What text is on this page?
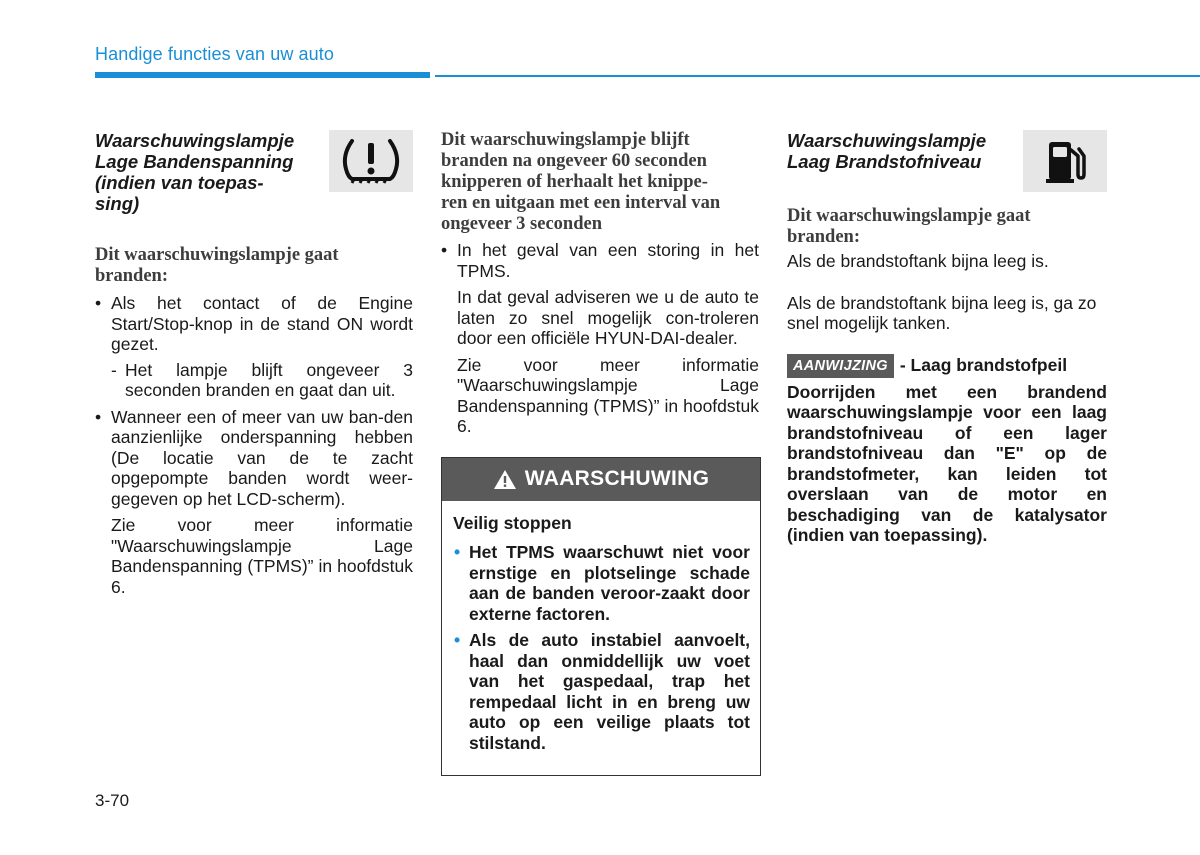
Handige functies van uw auto
Waarschuwingslampje
Lage Bandenspanning
(indien van toepas-
sing)

Dit waarschuwingslampje gaat
branden:

• Als het contact of de Engine Start/Stop-knop in de stand ON wordt gezet.

- Het lampje blijft ongeveer 3 seconden branden en gaat dan uit.

• Wanneer een of meer van uw ban-den aanzienlijke onderspanning hebben (De locatie van de te zacht opgepompte banden wordt weer-gegeven op het LCD-scherm).

Zie voor meer informatie "Waarschuwingslampje Lage Bandenspanning (TPMS)” in hoofdstuk 6.

Dit waarschuwingslampje blijft
branden na ongeveer 60 seconden
knipperen of herhaalt het knippe-
ren en uitgaan met een interval van
ongeveer 3 seconden

• In het geval van een storing in het TPMS.

In dat geval adviseren we u de auto te laten zo snel mogelijk con-troleren door een officiële HYUN-DAI-dealer.

Zie voor meer informatie "Waarschuwingslampje Lage Bandenspanning (TPMS)” in hoofdstuk 6.

WAARSCHUWING

Veilig stoppen

• Het TPMS waarschuwt niet voor ernstige en plotselinge schade aan de banden veroor-zaakt door externe factoren.

• Als de auto instabiel aanvoelt, haal dan onmiddellijk uw voet van het gaspedaal, trap het rempedaal licht in en breng uw auto op een veilige plaats tot stilstand.

Waarschuwingslampje
Laag Brandstofniveau

Dit waarschuwingslampje gaat
branden:

Als de brandstoftank bijna leeg is.

Als de brandstoftank bijna leeg is, ga zo snel mogelijk tanken.

AANWIJZING - Laag brandstofpeil

Doorrijden met een brandend waarschuwingslampje voor een laag brandstofniveau of een lager brandstofniveau dan "E" op de brandstofmeter, kan leiden tot overslaan van de motor en beschadiging van de katalysator (indien van toepassing).

3-70
